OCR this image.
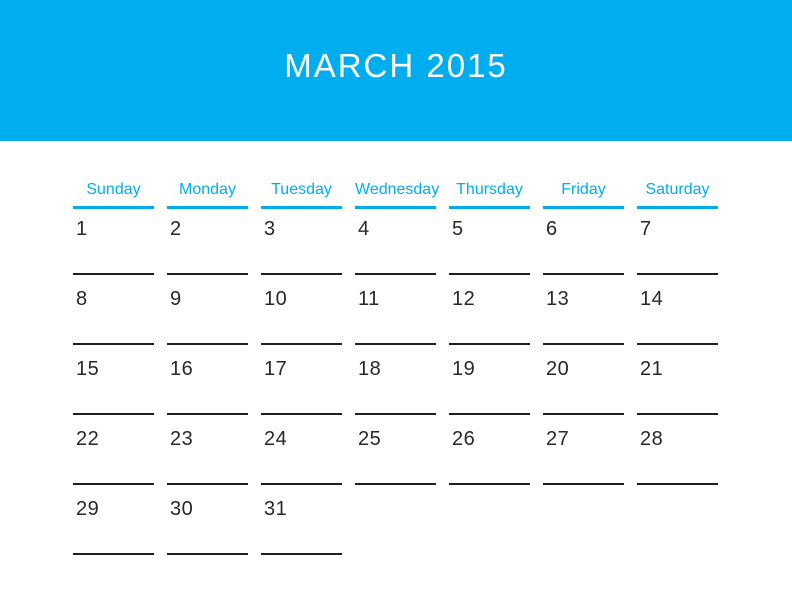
MARCH 2015
Sunday	Monday	Tuesday	Wednesday	Thursday	Friday	Saturday
1	2	3	4	5	6	7
8	9	10	11	12	13	14
15	16	17	18	19	20	21
22	23	24	25	26	27	28
29	30	31
